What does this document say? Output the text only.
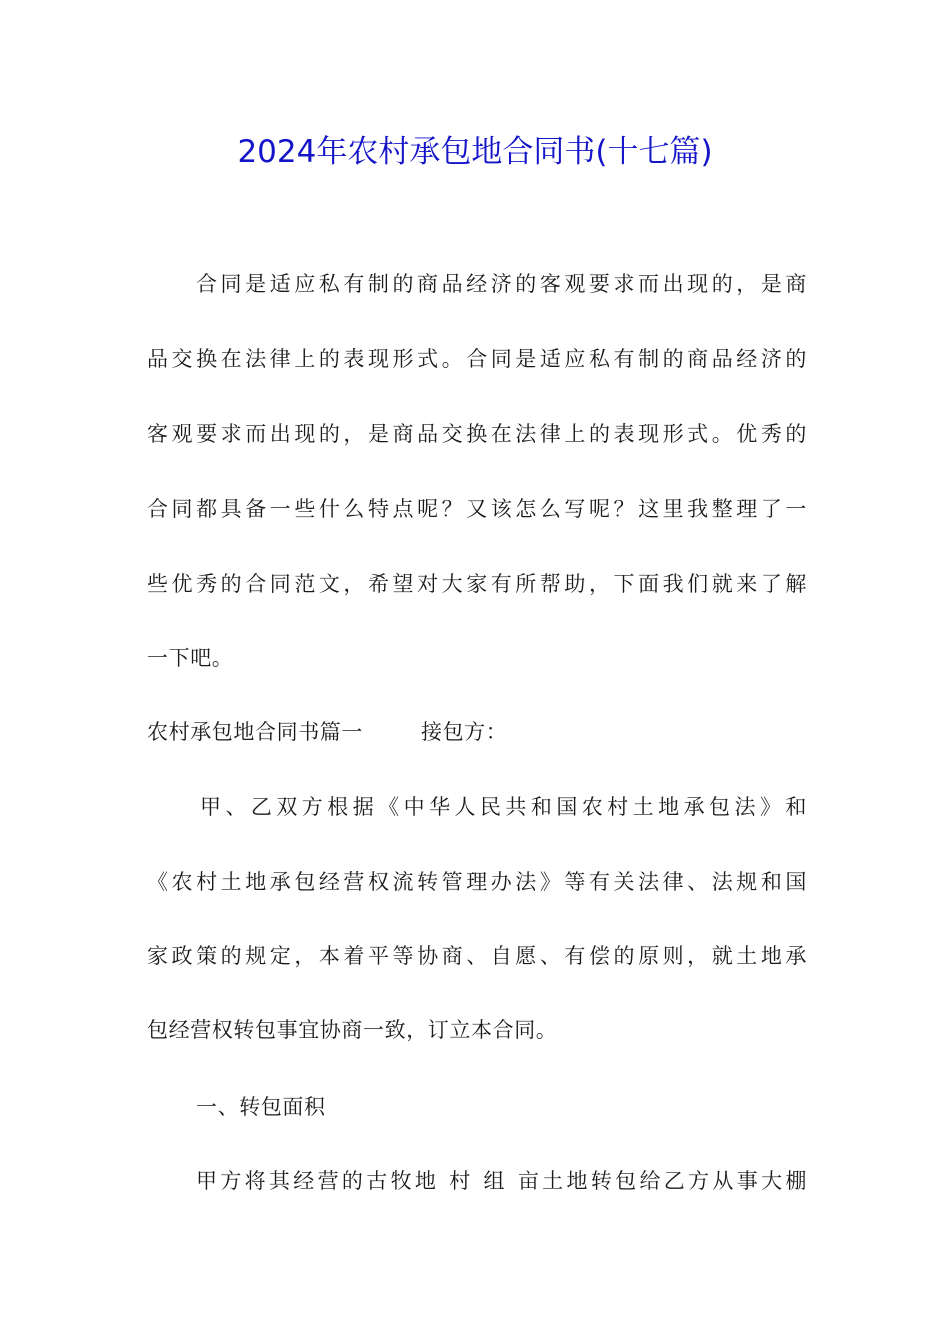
2024年农村承包地合同书(十七篇)

合同是适应私有制的商品经济的客观要求而出现的，是商

品交换在法律上的表现形式。合同是适应私有制的商品经济的

客观要求而出现的，是商品交换在法律上的表现形式。优秀的

合同都具备一些什么特点呢？又该怎么写呢？这里我整理了一

些优秀的合同范文，希望对大家有所帮助，下面我们就来了解

一下吧。

农村承包地合同书篇一	接包方：

甲、乙双方根据《中华人民共和国农村土地承包法》和

《农村土地承包经营权流转管理办法》等有关法律、法规和国

家政策的规定，本着平等协商、自愿、有偿的原则，就土地承

包经营权转包事宜协商一致，订立本合同。

一、转包面积

甲方将其经营的古牧地 村 组 亩土地转包给乙方从事大棚
